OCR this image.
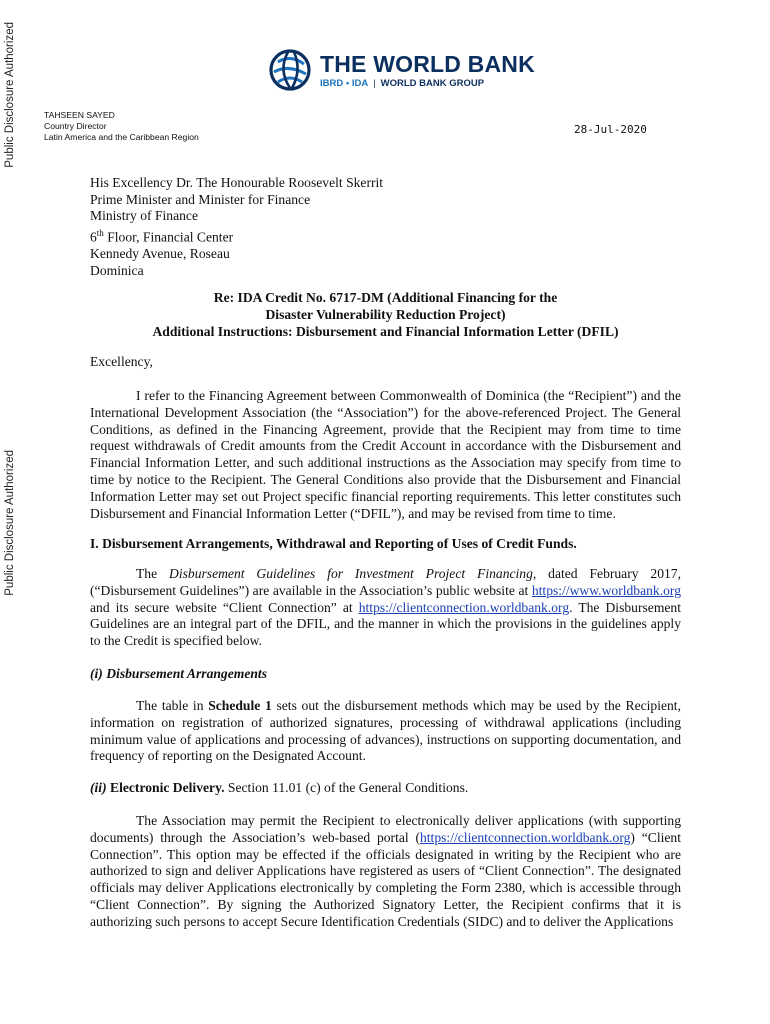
Public Disclosure Authorized
Public Disclosure Authorized
THE WORLD BANK
IBRD • IDA | WORLD BANK GROUP
TAHSEEN SAYED
Country Director
Latin America and the Caribbean Region
28-Jul-2020
His Excellency Dr. The Honourable Roosevelt Skerrit
Prime Minister and Minister for Finance
Ministry of Finance
6th Floor, Financial Center
Kennedy Avenue, Roseau
Dominica
Re: IDA Credit No. 6717-DM (Additional Financing for the
Disaster Vulnerability Reduction Project)
Additional Instructions: Disbursement and Financial Information Letter (DFIL)
Excellency,

I refer to the Financing Agreement between Commonwealth of Dominica (the “Recipient”) and the International Development Association (the “Association”) for the above-referenced Project. The General Conditions, as defined in the Financing Agreement, provide that the Recipient may from time to time request withdrawals of Credit amounts from the Credit Account in accordance with the Disbursement and Financial Information Letter, and such additional instructions as the Association may specify from time to time by notice to the Recipient. The General Conditions also provide that the Disbursement and Financial Information Letter may set out Project specific financial reporting requirements. This letter constitutes such Disbursement and Financial Information Letter (“DFIL”), and may be revised from time to time.

I. Disbursement Arrangements, Withdrawal and Reporting of Uses of Credit Funds.

The Disbursement Guidelines for Investment Project Financing, dated February 2017, (“Disbursement Guidelines”) are available in the Association’s public website at https://www.worldbank.org and its secure website “Client Connection” at https://clientconnection.worldbank.org. The Disbursement Guidelines are an integral part of the DFIL, and the manner in which the provisions in the guidelines apply to the Credit is specified below.

(i) Disbursement Arrangements

The table in Schedule 1 sets out the disbursement methods which may be used by the Recipient, information on registration of authorized signatures, processing of withdrawal applications (including minimum value of applications and processing of advances), instructions on supporting documentation, and frequency of reporting on the Designated Account.

(ii) Electronic Delivery. Section 11.01 (c) of the General Conditions.

The Association may permit the Recipient to electronically deliver applications (with supporting documents) through the Association’s web-based portal (https://clientconnection.worldbank.org) “Client Connection”. This option may be effected if the officials designated in writing by the Recipient who are authorized to sign and deliver Applications have registered as users of “Client Connection”. The designated officials may deliver Applications electronically by completing the Form 2380, which is accessible through “Client Connection”. By signing the Authorized Signatory Letter, the Recipient confirms that it is authorizing such persons to accept Secure Identification Credentials (SIDC) and to deliver the Applications
